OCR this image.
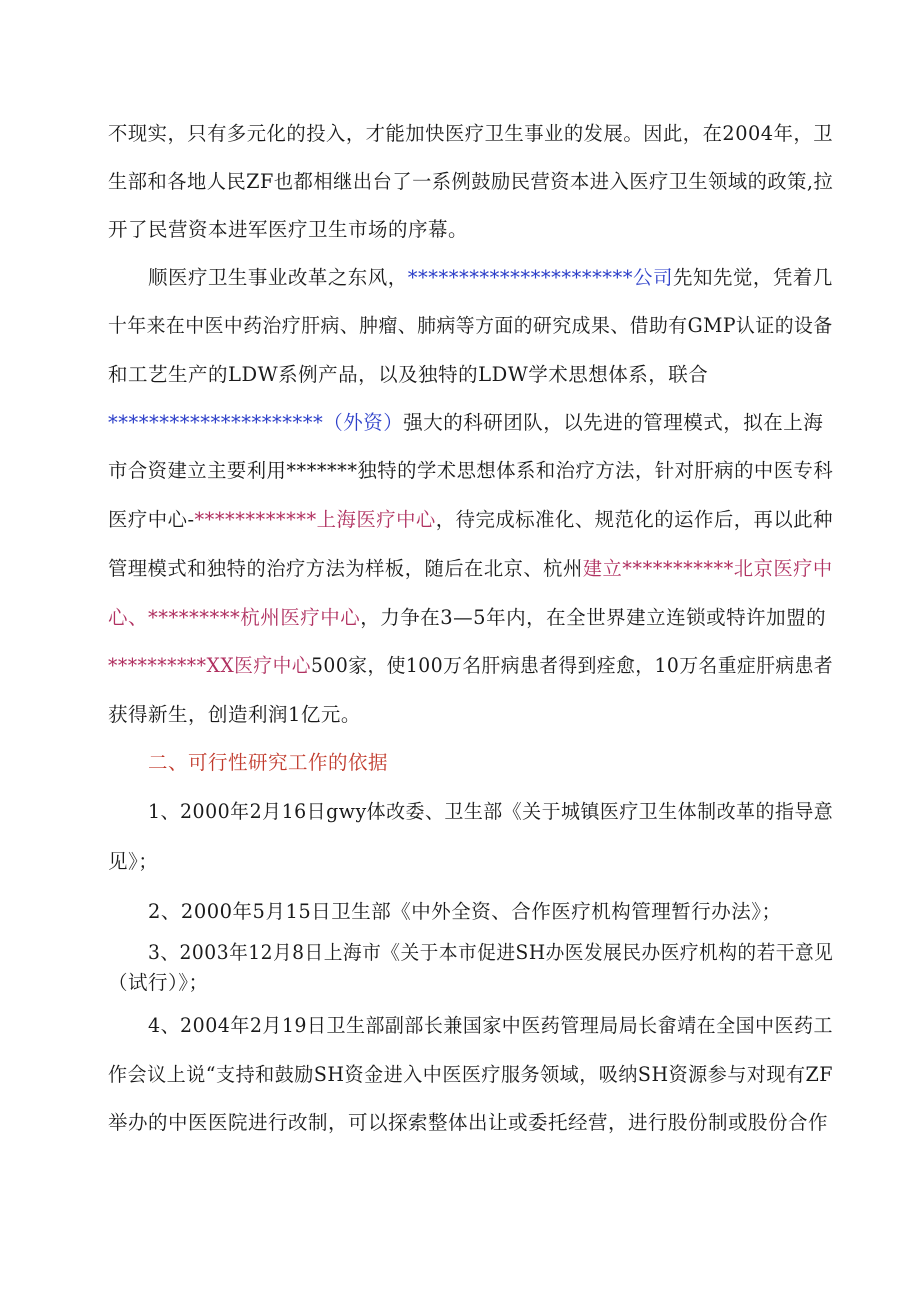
不现实，只有多元化的投入，才能加快医疗卫生事业的发展。因此，在2004年，卫
生部和各地人民ZF也都相继出台了一系例鼓励民营资本进入医疗卫生领域的政策,拉
开了民营资本进军医疗卫生市场的序幕。
顺医疗卫生事业改革之东风，**********************公司先知先觉，凭着几
十年来在中医中药治疗肝病、肿瘤、肺病等方面的研究成果、借助有GMP认证的设备
和工艺生产的LDW系例产品，以及独特的LDW学术思想体系，联合
*********************（外资）强大的科研团队，以先进的管理模式，拟在上海
市合资建立主要利用*******独特的学术思想体系和治疗方法，针对肝病的中医专科
医疗中心-************上海医疗中心，待完成标准化、规范化的运作后，再以此种
管理模式和独特的治疗方法为样板，随后在北京、杭州建立***********北京医疗中
心、*********杭州医疗中心，力争在3—5年内，在全世界建立连锁或特许加盟的
**********XX医疗中心500家，使100万名肝病患者得到痊愈，10万名重症肝病患者
获得新生，创造利润1亿元。
二、可行性研究工作的依据
1、2000年2月16日gwy体改委、卫生部《关于城镇医疗卫生体制改革的指导意
见》；
2、2000年5月15日卫生部《中外全资、合作医疗机构管理暂行办法》；
3、2003年12月8日上海市《关于本市促进SH办医发展民办医疗机构的若干意见
（试行）》；
4、2004年2月19日卫生部副部长兼国家中医药管理局局长畲靖在全国中医药工
作会议上说“支持和鼓励SH资金进入中医医疗服务领域，吸纳SH资源参与对现有ZF
举办的中医医院进行改制，可以探索整体出让或委托经营，进行股份制或股份合作
